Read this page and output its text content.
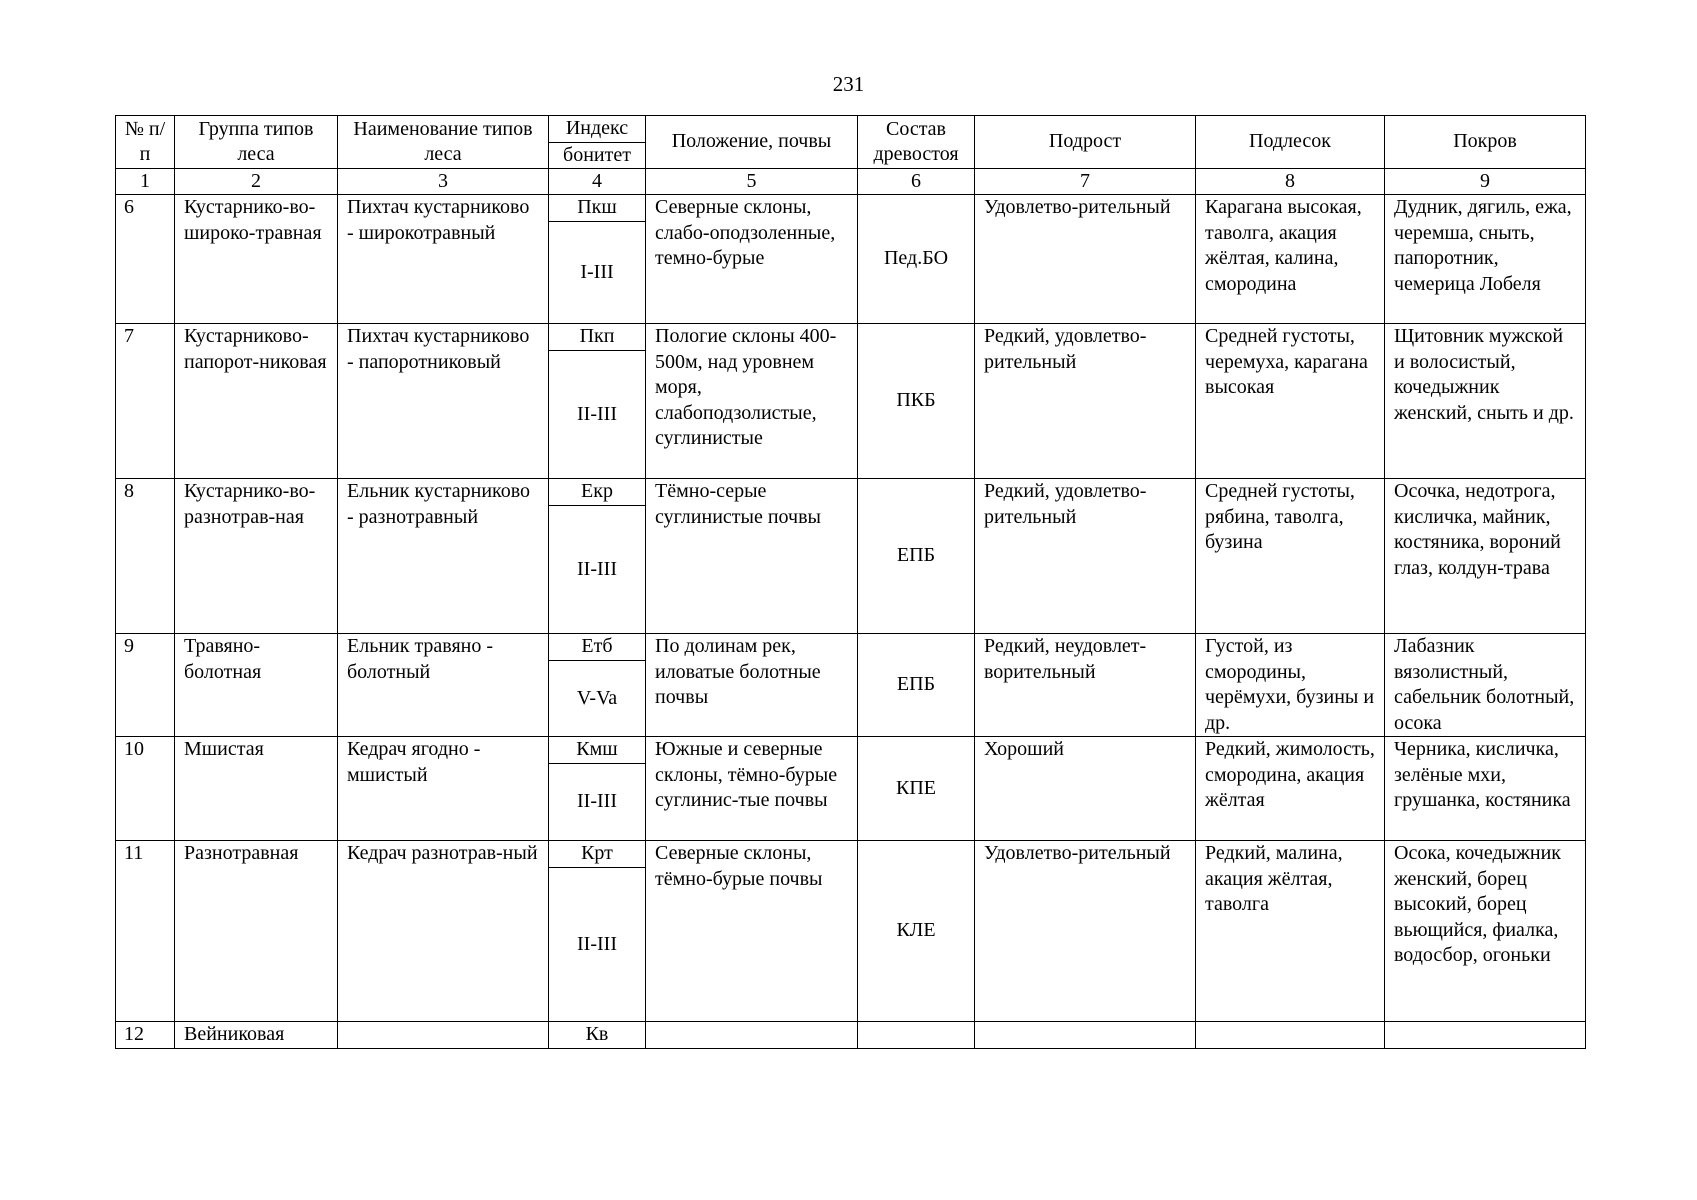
231
№ п/п	Группа типов леса	Наименование типов леса	Индекс	Положение, почвы	Состав древостоя	Подрост	Подлесок	Покров
			бонитет					
1	2	3	4	5	6	7	8	9
6	Кустарнико-во-широко-травная	Пихтач кустарниково - широкотравный	Пкш	Северные склоны, слабо-оподзоленные, темно-бурые	Пед.БО	Удовлетво-рительный	Карагана высокая, таволга, акация жёлтая, калина, смородина	Дудник, дягиль, ежа, черемша, сныть, папоротник, чемерица Лобеля
			I-III					
7	Кустарниково-папорот-никовая	Пихтач кустарниково - папоротниковый	Пкп	Пологие склоны 400-500м, над уровнем моря, слабоподзолистые, суглинистые	ПКБ	Редкий, удовлетво-рительный	Средней густоты, черемуха, карагана высокая	Щитовник мужской и волосистый, кочедыжник женский, сныть и др.
			II-III					
8	Кустарнико-во-разнотрав-ная	Ельник кустарниково - разнотравный	Екр	Тёмно-серые суглинистые почвы	ЕПБ	Редкий, удовлетво-рительный	Средней густоты, рябина, таволга, бузина	Осочка, недотрога, кисличка, майник, костяника, вороний глаз, колдун-трава
			II-III					
9	Травяно-болотная	Ельник травяно - болотный	Етб	По долинам рек, иловатые болотные почвы	ЕПБ	Редкий, неудовлет-ворительный	Густой, из смородины, черёмухи, бузины и др.	Лабазник вязолистный, сабельник болотный, осока
			V-Va					
10	Мшистая	Кедрач ягодно - мшистый	Кмш	Южные и северные склоны, тёмно-бурые суглинис-тые почвы	КПЕ	Хороший	Редкий, жимолость, смородина, акация жёлтая	Черника, кисличка, зелёные мхи, грушанка, костяника
			II-III					
11	Разнотравная	Кедрач разнотрав-ный	Крт	Северные склоны, тёмно-бурые почвы	КЛЕ	Удовлетво-рительный	Редкий, малина, акация жёлтая, таволга	Осока, кочедыжник женский, борец высокий, борец вьющийся, фиалка, водосбор, огоньки
			II-III					
12	Вейниковая		Кв					
